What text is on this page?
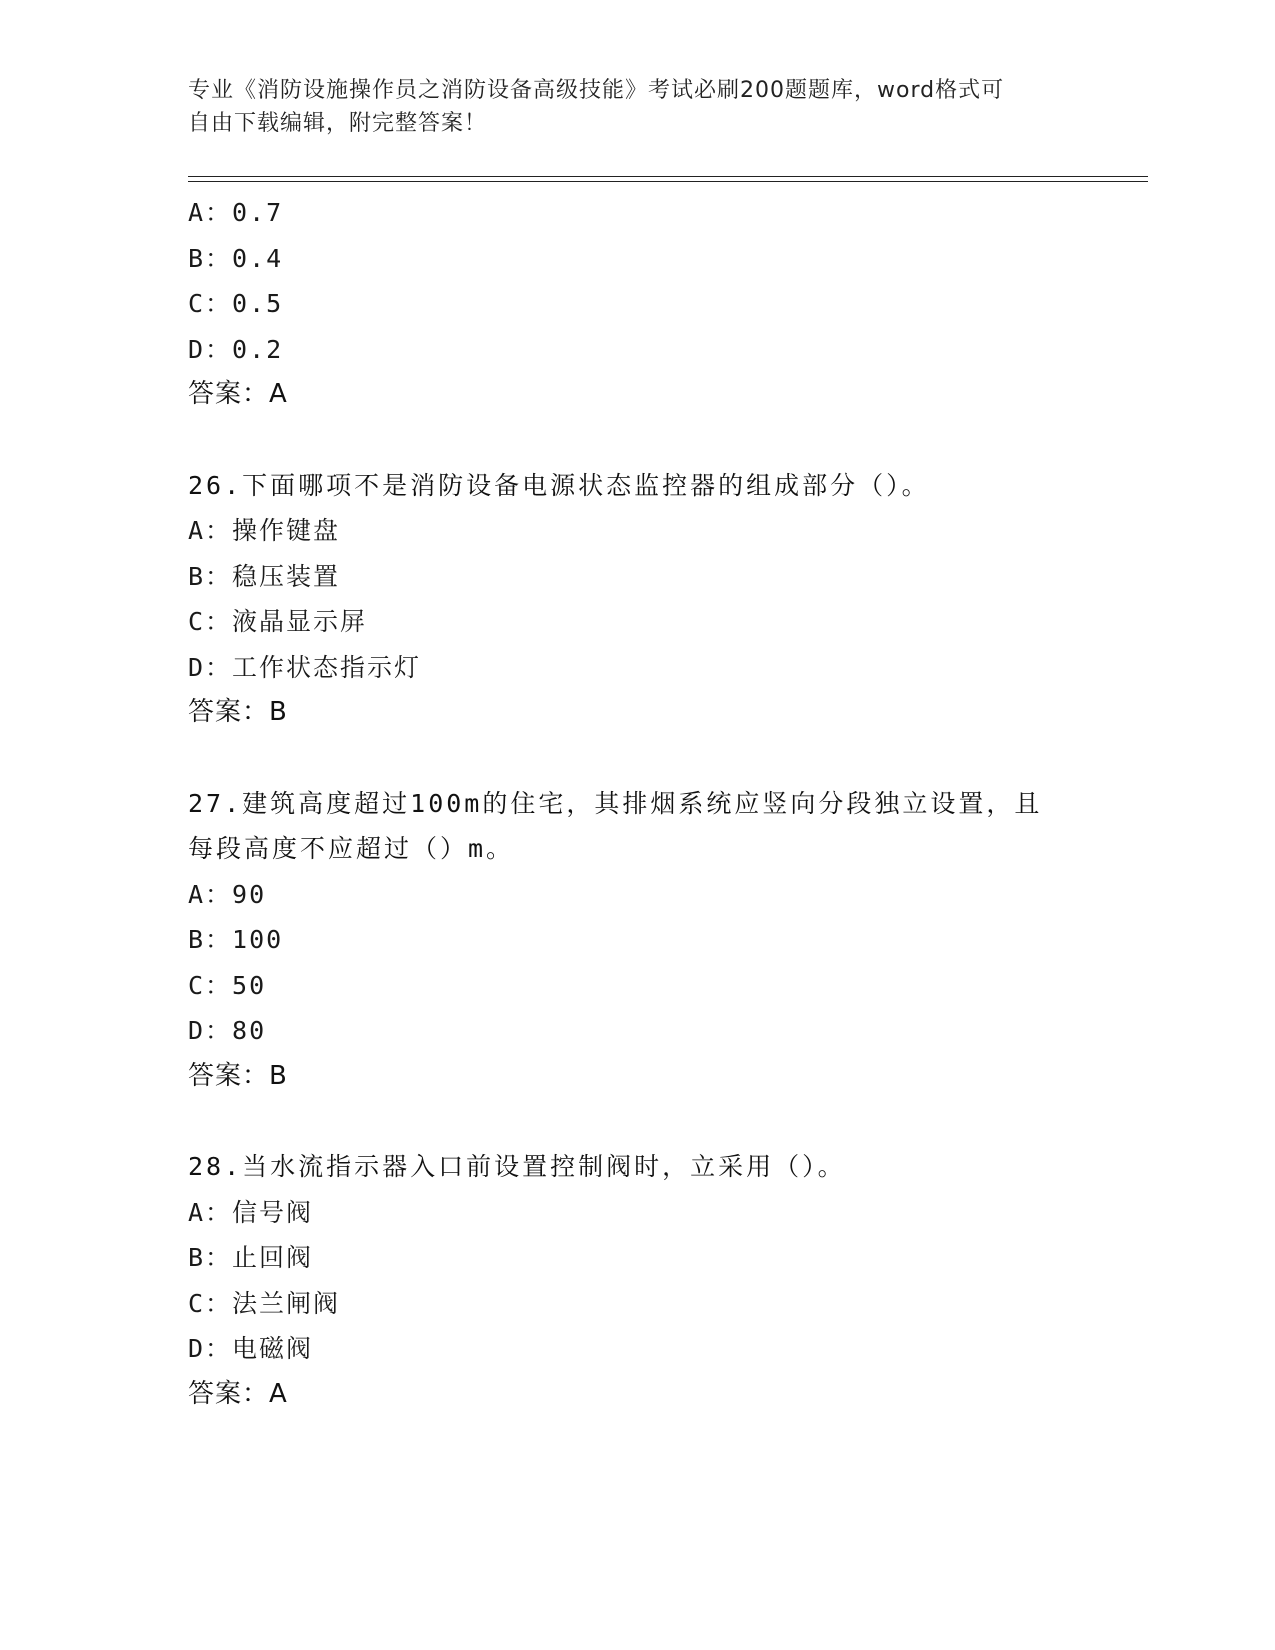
专业《消防设施操作员之消防设备高级技能》考试必刷200题题库，word格式可
自由下载编辑，附完整答案！
A：0.7
B：0.4
C：0.5
D：0.2
答案：A
26.下面哪项不是消防设备电源状态监控器的组成部分（）。
A：操作键盘
B：稳压装置
C：液晶显示屏
D：工作状态指示灯
答案：B
27.建筑高度超过100m的住宅，其排烟系统应竖向分段独立设置，且
每段高度不应超过（）m。
A：90
B：100
C：50
D：80
答案：B
28.当水流指示器入口前设置控制阀时，立采用（）。
A：信号阀
B：止回阀
C：法兰闸阀
D：电磁阀
答案：A
